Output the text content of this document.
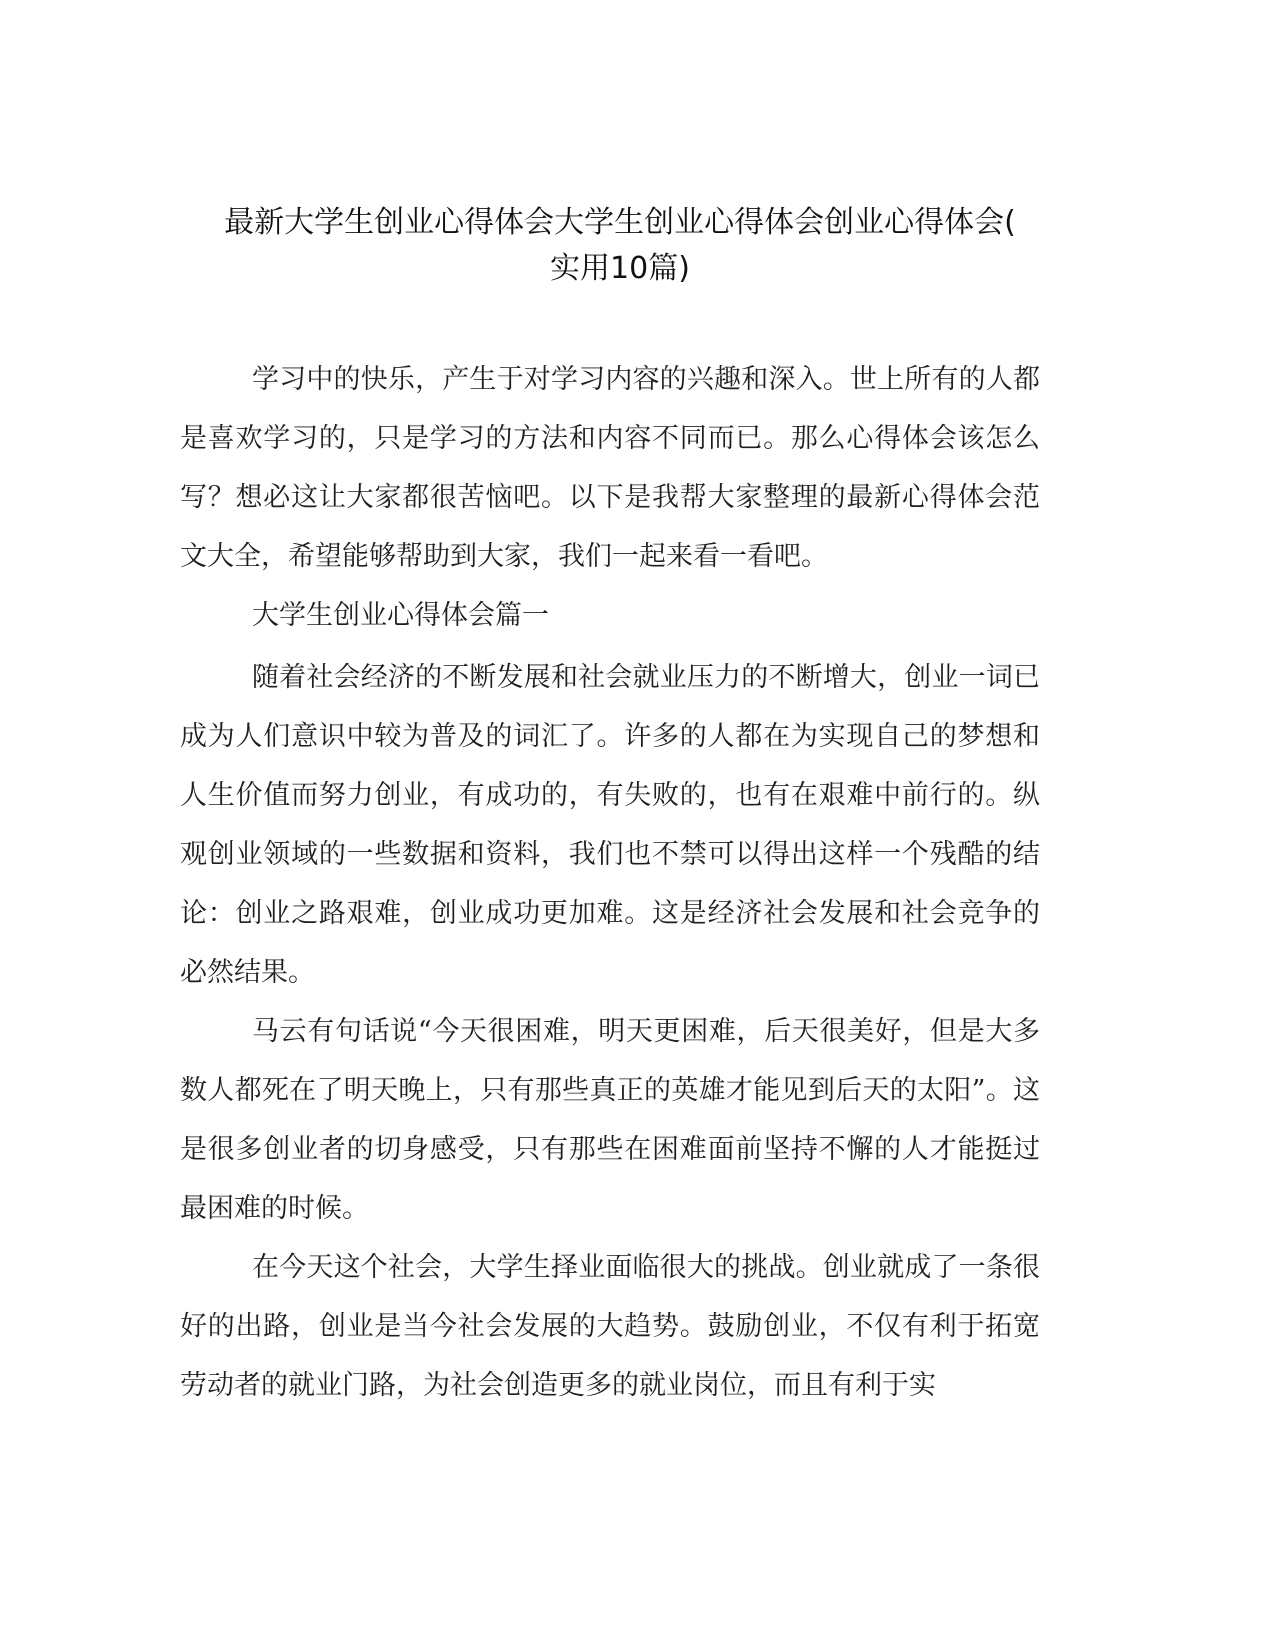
最新大学生创业心得体会大学生创业心得体会创业心得体会(
实用10篇)

学习中的快乐，产生于对学习内容的兴趣和深入。世上所有的人都是喜欢学习的，只是学习的方法和内容不同而已。那么心得体会该怎么写？想必这让大家都很苦恼吧。以下是我帮大家整理的最新心得体会范文大全，希望能够帮助到大家，我们一起来看一看吧。

大学生创业心得体会篇一

随着社会经济的不断发展和社会就业压力的不断增大，创业一词已成为人们意识中较为普及的词汇了。许多的人都在为实现自己的梦想和人生价值而努力创业，有成功的，有失败的，也有在艰难中前行的。纵观创业领域的一些数据和资料，我们也不禁可以得出这样一个残酷的结论：创业之路艰难，创业成功更加难。这是经济社会发展和社会竞争的必然结果。

马云有句话说“今天很困难，明天更困难，后天很美好，但是大多数人都死在了明天晚上，只有那些真正的英雄才能见到后天的太阳”。这是很多创业者的切身感受，只有那些在困难面前坚持不懈的人才能挺过最困难的时候。

在今天这个社会，大学生择业面临很大的挑战。创业就成了一条很好的出路，创业是当今社会发展的大趋势。鼓励创业，不仅有利于拓宽劳动者的就业门路，为社会创造更多的就业岗位，而且有利于实
